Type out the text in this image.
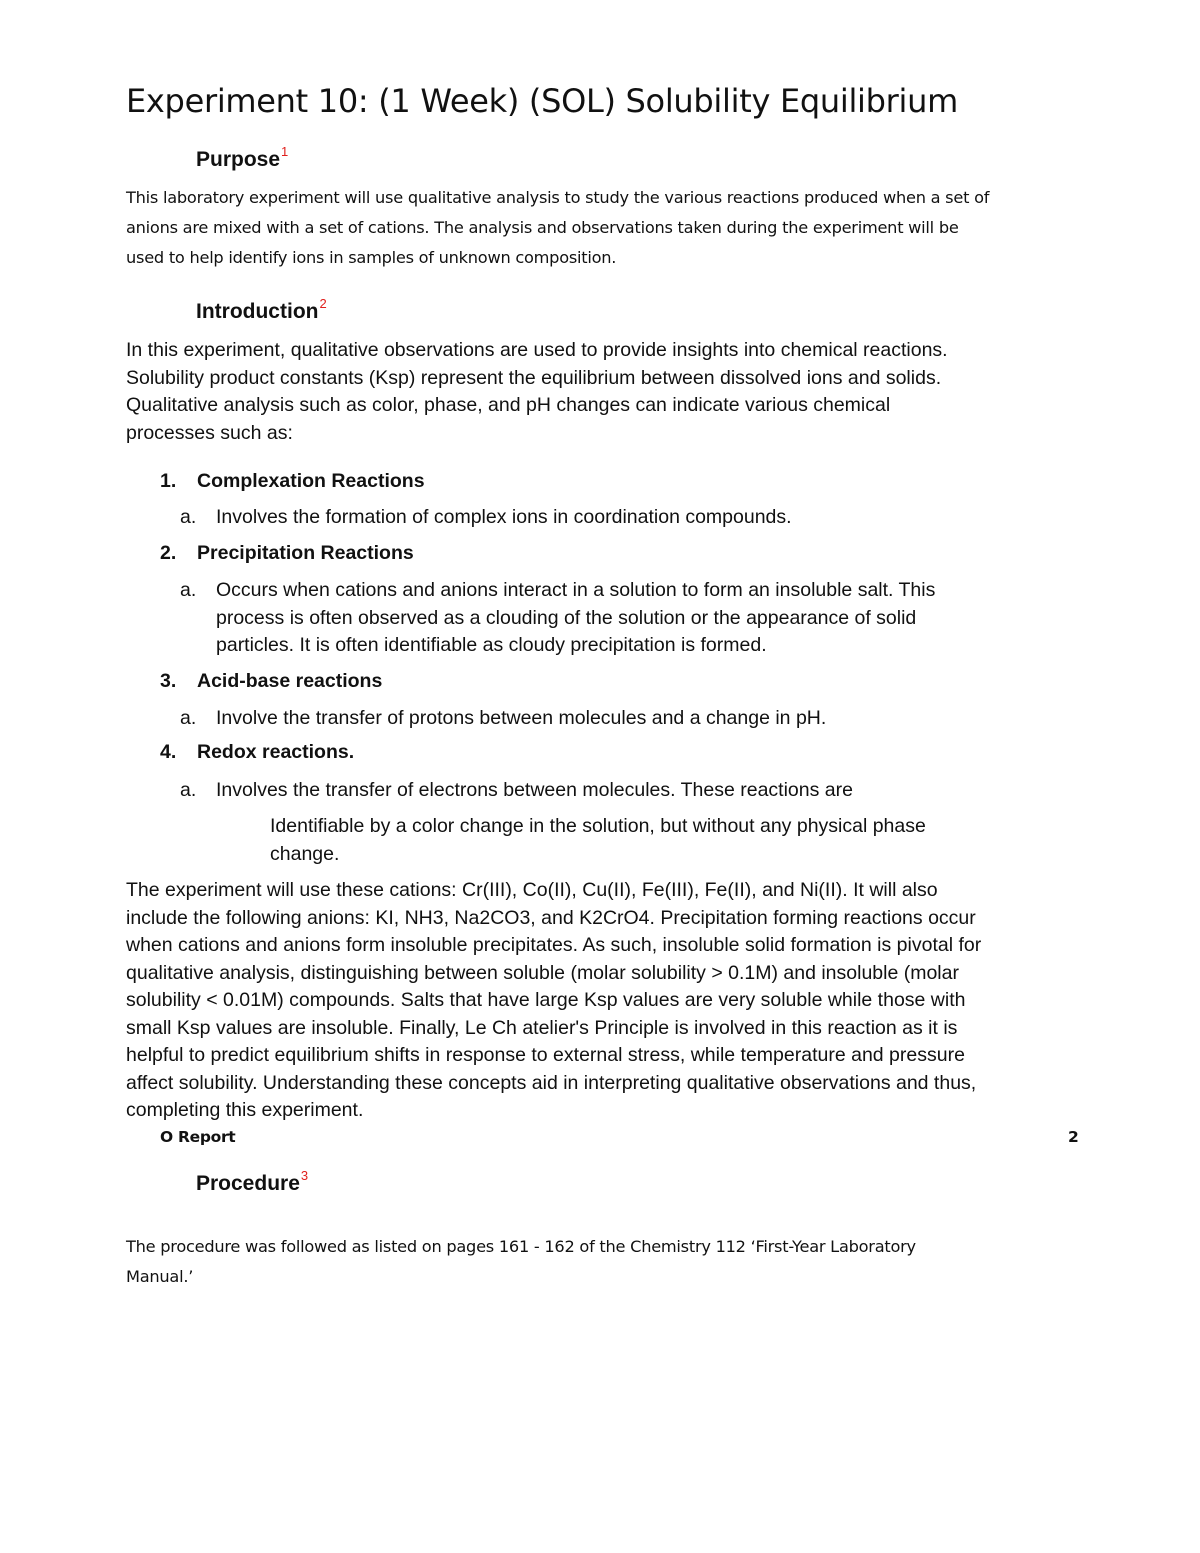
Experiment 10: (1 Week) (SOL) Solubility Equilibrium
Purpose$^1$
This laboratory experiment will use qualitative analysis to study the various reactions produced when a set of
anions are mixed with a set of cations. The analysis and observations taken during the experiment will be
used to help identify ions in samples of unknown composition.
Introduction$^2$
In this experiment, qualitative observations are used to provide insights into chemical reactions.
Solubility product constants (Ksp) represent the equilibrium between dissolved ions and solids.
Qualitative analysis such as color, phase, and pH changes can indicate various chemical
processes such as:
1. Complexation Reactions
a. Involves the formation of complex ions in coordination compounds.
2. Precipitation Reactions
a. Occurs when cations and anions interact in a solution to form an insoluble salt. This
process is often observed as a clouding of the solution or the appearance of solid
particles. It is often identifiable as cloudy precipitation is formed.
3. Acid-base reactions
a. Involve the transfer of protons between molecules and a change in pH.
4. Redox reactions.
a. Involves the transfer of electrons between molecules. These reactions are
Identifiable by a color change in the solution, but without any physical phase
change.
The experiment will use these cations: Cr(III), Co(II), Cu(II), Fe(III), Fe(II), and Ni(II). It will also
include the following anions: KI, NH3, Na2CO3, and K2CrO4. Precipitation forming reactions occur
when cations and anions form insoluble precipitates. As such, insoluble solid formation is pivotal for
qualitative analysis, distinguishing between soluble (molar solubility > 0.1M) and insoluble (molar
solubility < 0.01M) compounds. Salts that have large Ksp values are very soluble while those with
small Ksp values are insoluble. Finally, Le Ch atelier's Principle is involved in this reaction as it is
helpful to predict equilibrium shifts in response to external stress, while temperature and pressure
affect solubility. Understanding these concepts aid in interpreting qualitative observations and thus,
completing this experiment.
O Report	2
Procedure$^3$
The procedure was followed as listed on pages 161 - 162 of the Chemistry 112 ‘First-Year Laboratory
Manual.’
